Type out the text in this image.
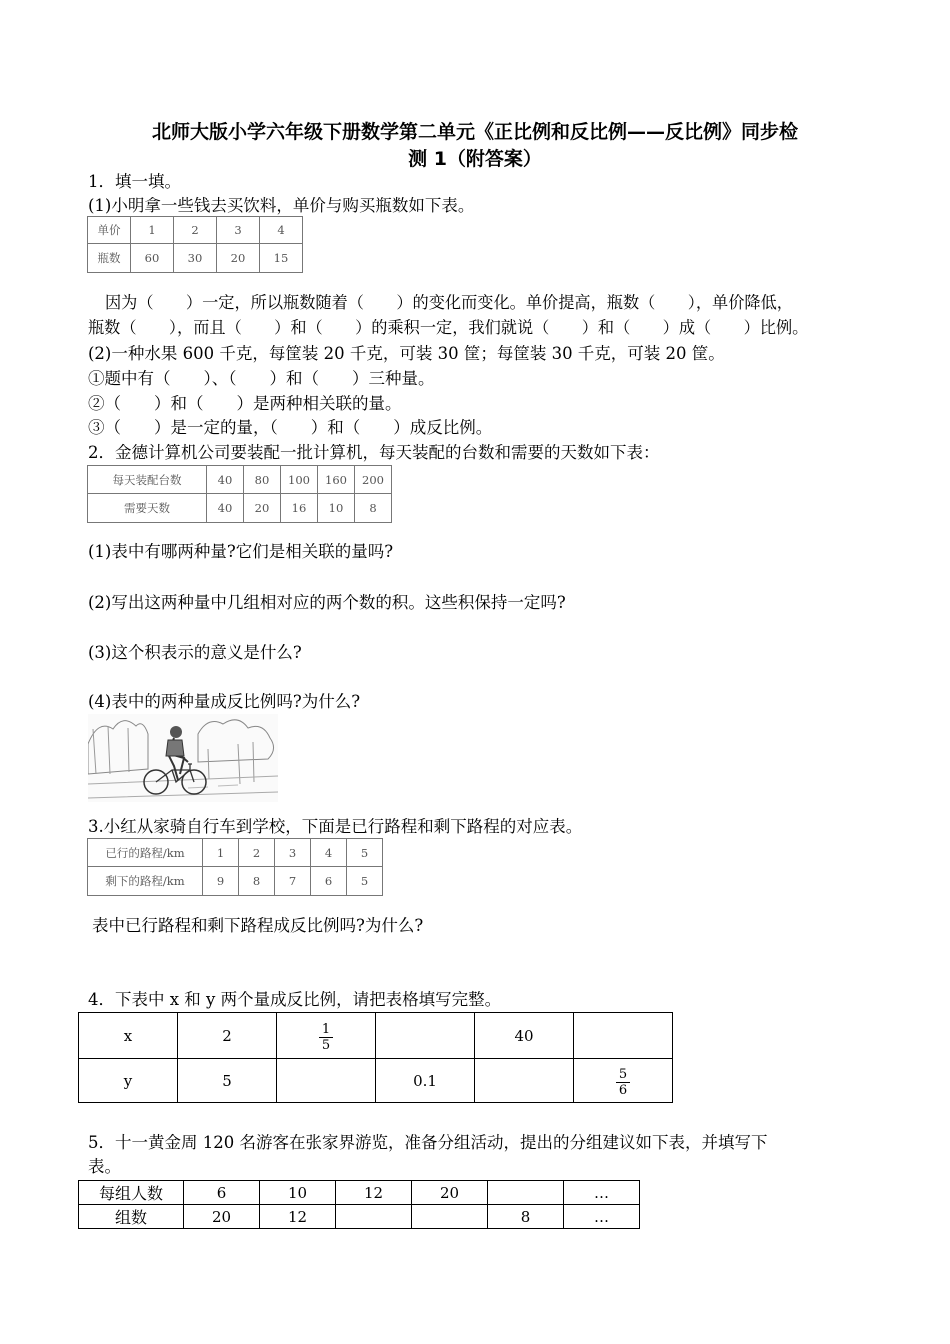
北师大版小学六年级下册数学第二单元《正比例和反比例——反比例》同步检
测 1（附答案）
1．填一填。
(1)小明拿一些钱去买饮料，单价与购买瓶数如下表。
单价	1	2	3	4
瓶数	60	30	20	15
因为（　　）一定，所以瓶数随着（　　）的变化而变化。单价提高，瓶数（　　），单价降低，
瓶数（　　），而且（　　）和（　　）的乘积一定，我们就说（　　）和（　　）成（　　）比例。
(2)一种水果 600 千克，每筐装 20 千克，可装 30 筐；每筐装 30 千克，可装 20 筐。
①题中有（　　）、（　　）和（　　）三种量。
②（　　）和（　　）是两种相关联的量。
③（　　）是一定的量，（　　）和（　　）成反比例。
2．金德计算机公司要装配一批计算机，每天装配的台数和需要的天数如下表：
每天装配台数	40	80	100	160	200
需要天数	40	20	16	10	8
(1)表中有哪两种量?它们是相关联的量吗?
(2)写出这两种量中几组相对应的两个数的积。这些积保持一定吗?
(3)这个积表示的意义是什么?
(4)表中的两种量成反比例吗?为什么?
3.小红从家骑自行车到学校，下面是已行路程和剩下路程的对应表。
已行的路程/km	1	2	3	4	5
剩下的路程/km	9	8	7	6	5
表中已行路程和剩下路程成反比例吗?为什么?
4．下表中 x 和 y 两个量成反比例，请把表格填写完整。
x	2	$\frac{1}{5}$		40	
y	5		0.1		$\frac{5}{6}$
5．十一黄金周 120 名游客在张家界游览，准备分组活动，提出的分组建议如下表，并填写下
表。
每组人数	6	10	12	20		…
组数	20	12			8	…
